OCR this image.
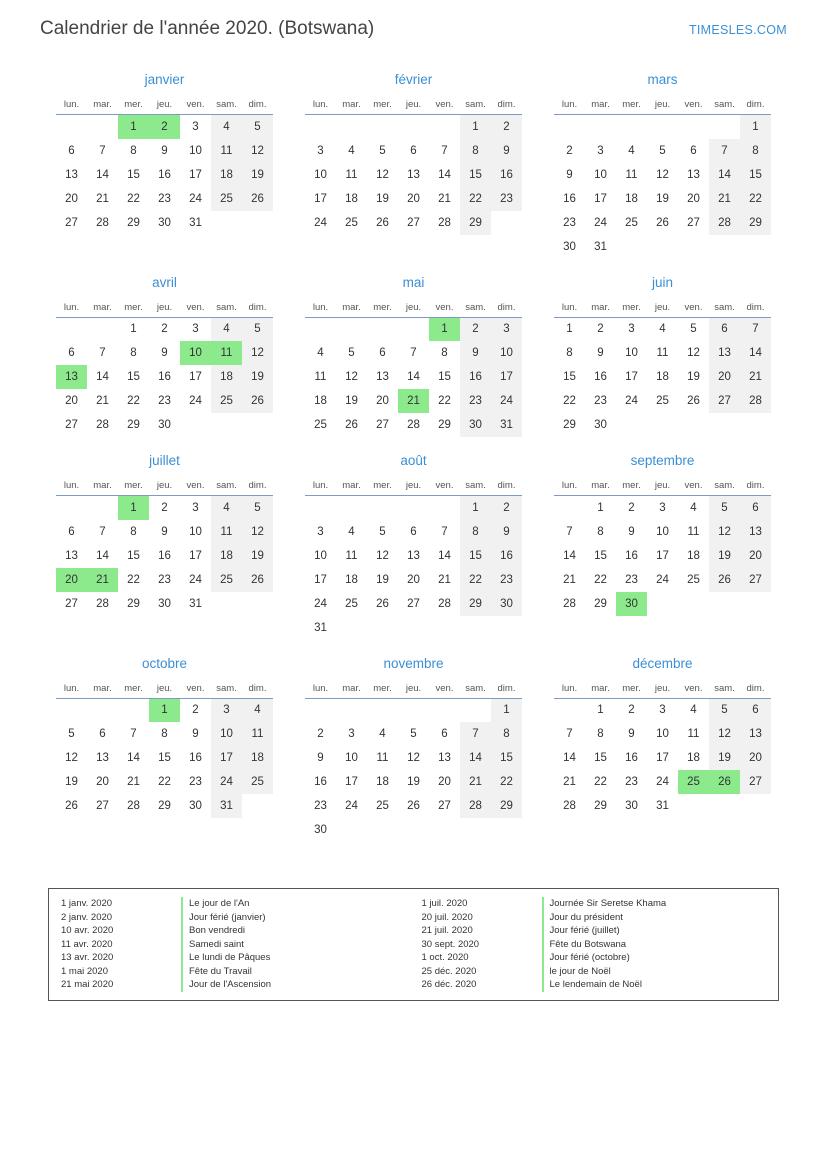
Calendrier de l'année 2020. (Botswana)	TIMESLES.COM
janvier
lun.	mar.	mer.	jeu.	ven.	sam.	dim.
		1	2	3	4	5
6	7	8	9	10	11	12
13	14	15	16	17	18	19
20	21	22	23	24	25	26
27	28	29	30	31		
février
lun.	mar.	mer.	jeu.	ven.	sam.	dim.
					1	2
3	4	5	6	7	8	9
10	11	12	13	14	15	16
17	18	19	20	21	22	23
24	25	26	27	28	29	
mars
lun.	mar.	mer.	jeu.	ven.	sam.	dim.
						1
2	3	4	5	6	7	8
9	10	11	12	13	14	15
16	17	18	19	20	21	22
23	24	25	26	27	28	29
30	31					
avril
lun.	mar.	mer.	jeu.	ven.	sam.	dim.
		1	2	3	4	5
6	7	8	9	10	11	12
13	14	15	16	17	18	19
20	21	22	23	24	25	26
27	28	29	30			
mai
lun.	mar.	mer.	jeu.	ven.	sam.	dim.
				1	2	3
4	5	6	7	8	9	10
11	12	13	14	15	16	17
18	19	20	21	22	23	24
25	26	27	28	29	30	31
juin
lun.	mar.	mer.	jeu.	ven.	sam.	dim.
1	2	3	4	5	6	7
8	9	10	11	12	13	14
15	16	17	18	19	20	21
22	23	24	25	26	27	28
29	30					
juillet
lun.	mar.	mer.	jeu.	ven.	sam.	dim.
		1	2	3	4	5
6	7	8	9	10	11	12
13	14	15	16	17	18	19
20	21	22	23	24	25	26
27	28	29	30	31		
août
lun.	mar.	mer.	jeu.	ven.	sam.	dim.
					1	2
3	4	5	6	7	8	9
10	11	12	13	14	15	16
17	18	19	20	21	22	23
24	25	26	27	28	29	30
31						
septembre
lun.	mar.	mer.	jeu.	ven.	sam.	dim.
	1	2	3	4	5	6
7	8	9	10	11	12	13
14	15	16	17	18	19	20
21	22	23	24	25	26	27
28	29	30				
octobre
lun.	mar.	mer.	jeu.	ven.	sam.	dim.
			1	2	3	4
5	6	7	8	9	10	11
12	13	14	15	16	17	18
19	20	21	22	23	24	25
26	27	28	29	30	31	
novembre
lun.	mar.	mer.	jeu.	ven.	sam.	dim.
						1
2	3	4	5	6	7	8
9	10	11	12	13	14	15
16	17	18	19	20	21	22
23	24	25	26	27	28	29
30						
décembre
lun.	mar.	mer.	jeu.	ven.	sam.	dim.
	1	2	3	4	5	6
7	8	9	10	11	12	13
14	15	16	17	18	19	20
21	22	23	24	25	26	27
28	29	30	31			
1 janv. 2020	Le jour de l'An
2 janv. 2020	Jour férié (janvier)
10 avr. 2020	Bon vendredi
11 avr. 2020	Samedi saint
13 avr. 2020	Le lundi de Pâques
1 mai 2020	Fête du Travail
21 mai 2020	Jour de l'Ascension
1 juil. 2020	Journée Sir Seretse Khama
20 juil. 2020	Jour du président
21 juil. 2020	Jour férié (juillet)
30 sept. 2020	Fête du Botswana
1 oct. 2020	Jour férié (octobre)
25 déc. 2020	le jour de Noël
26 déc. 2020	Le lendemain de Noël
